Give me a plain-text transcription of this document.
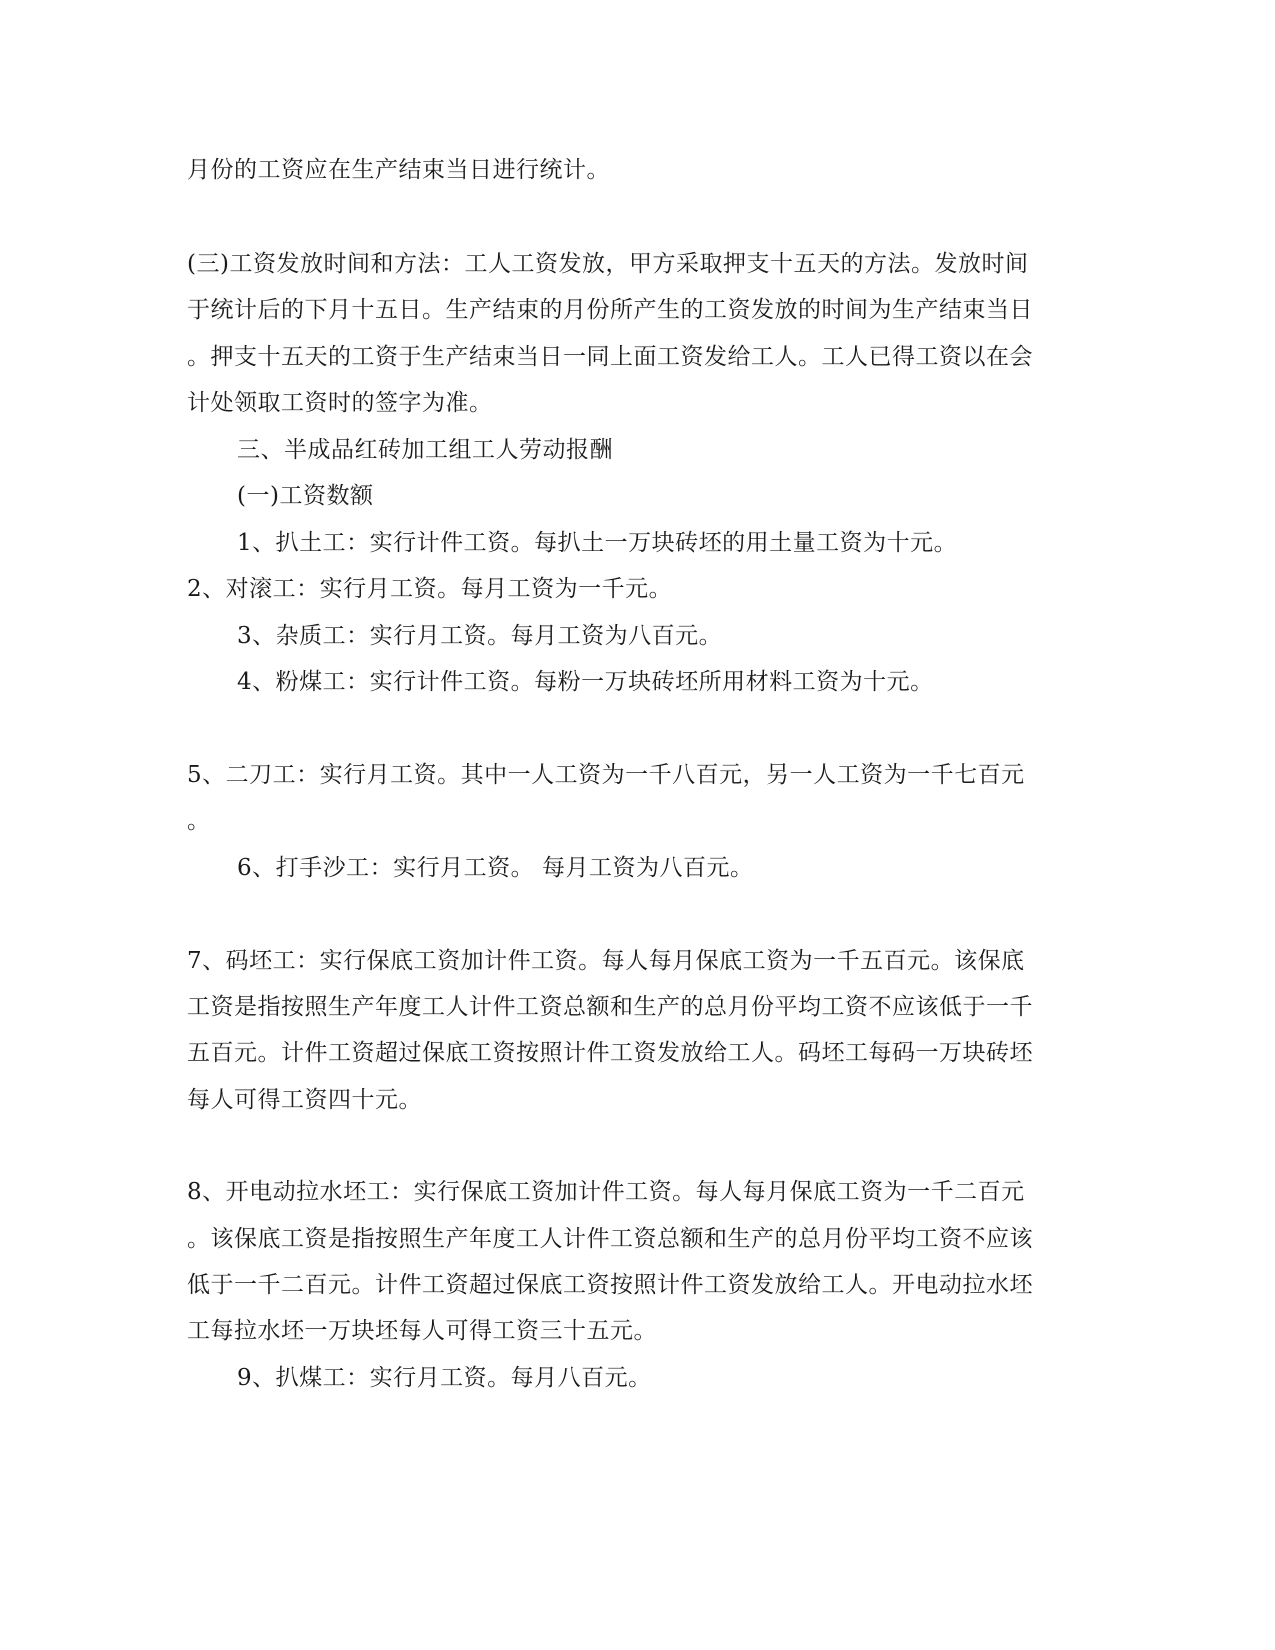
月份的工资应在生产结束当日进行统计。
(三)工资发放时间和方法：工人工资发放，甲方采取押支十五天的方法。发放时间
于统计后的下月十五日。生产结束的月份所产生的工资发放的时间为生产结束当日
。押支十五天的工资于生产结束当日一同上面工资发给工人。工人已得工资以在会
计处领取工资时的签字为准。
三、半成品红砖加工组工人劳动报酬
(一)工资数额
1、扒土工：实行计件工资。每扒土一万块砖坯的用土量工资为十元。
2、对滚工：实行月工资。每月工资为一千元。
3、杂质工：实行月工资。每月工资为八百元。
4、粉煤工：实行计件工资。每粉一万块砖坯所用材料工资为十元。
5、二刀工：实行月工资。其中一人工资为一千八百元，另一人工资为一千七百元
。
6、打手沙工：实行月工资。 每月工资为八百元。
7、码坯工：实行保底工资加计件工资。每人每月保底工资为一千五百元。该保底
工资是指按照生产年度工人计件工资总额和生产的总月份平均工资不应该低于一千
五百元。计件工资超过保底工资按照计件工资发放给工人。码坯工每码一万块砖坯
每人可得工资四十元。
8、开电动拉水坯工：实行保底工资加计件工资。每人每月保底工资为一千二百元
。该保底工资是指按照生产年度工人计件工资总额和生产的总月份平均工资不应该
低于一千二百元。计件工资超过保底工资按照计件工资发放给工人。开电动拉水坯
工每拉水坯一万块坯每人可得工资三十五元。
9、扒煤工：实行月工资。每月八百元。
